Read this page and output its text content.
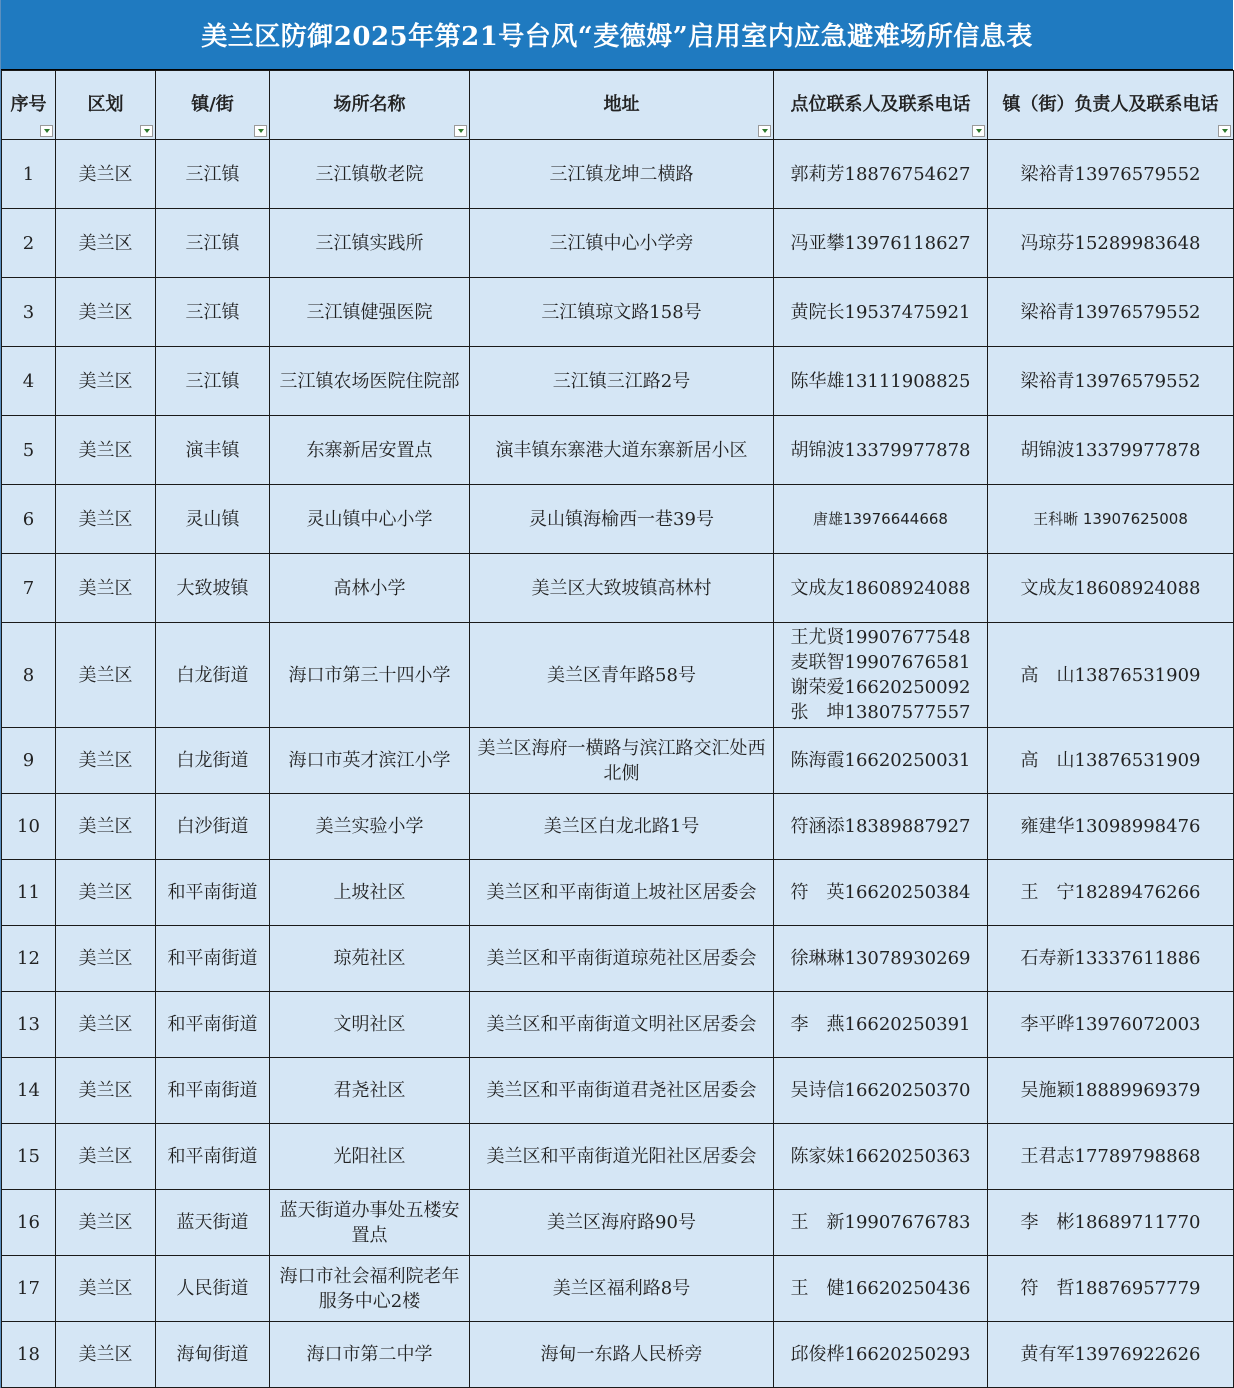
美兰区防御2025年第21号台风“麦德姆”启用室内应急避难场所信息表
序号	区划	镇/街	场所名称	地址	点位联系人及联系电话	镇（街）负责人及联系电话

1	美兰区	三江镇	三江镇敬老院	三江镇龙坤二横路	郭莉芳18876754627	梁裕青13976579552
2	美兰区	三江镇	三江镇实践所	三江镇中心小学旁	冯亚攀13976118627	冯琼芬15289983648
3	美兰区	三江镇	三江镇健强医院	三江镇琼文路158号	黄院长19537475921	梁裕青13976579552
4	美兰区	三江镇	三江镇农场医院住院部	三江镇三江路2号	陈华雄13111908825	梁裕青13976579552
5	美兰区	演丰镇	东寨新居安置点	演丰镇东寨港大道东寨新居小区	胡锦波13379977878	胡锦波13379977878
6	美兰区	灵山镇	灵山镇中心小学	灵山镇海榆西一巷39号	唐雄13976644668	王科晰 13907625008
7	美兰区	大致坡镇	高林小学	美兰区大致坡镇高林村	文成友18608924088	文成友18608924088
8	美兰区	白龙街道	海口市第三十四小学	美兰区青年路58号	王尤贤19907677548
麦联智19907676581
谢荣爱16620250092
张　坤13807577557	高　山13876531909
9	美兰区	白龙街道	海口市英才滨江小学	美兰区海府一横路与滨江路交汇处西北侧	陈海霞16620250031	高　山13876531909
10	美兰区	白沙街道	美兰实验小学	美兰区白龙北路1号	符涵添18389887927	雍建华13098998476
11	美兰区	和平南街道	上坡社区	美兰区和平南街道上坡社区居委会	符　英16620250384	王　宁18289476266
12	美兰区	和平南街道	琼苑社区	美兰区和平南街道琼苑社区居委会	徐琳琳13078930269	石寿新13337611886
13	美兰区	和平南街道	文明社区	美兰区和平南街道文明社区居委会	李　燕16620250391	李平晔13976072003
14	美兰区	和平南街道	君尧社区	美兰区和平南街道君尧社区居委会	吴诗信16620250370	吴施颖18889969379
15	美兰区	和平南街道	光阳社区	美兰区和平南街道光阳社区居委会	陈家妹16620250363	王君志17789798868
16	美兰区	蓝天街道	蓝天街道办事处五楼安置点	美兰区海府路90号	王　新19907676783	李　彬18689711770
17	美兰区	人民街道	海口市社会福利院老年服务中心2楼	美兰区福利路8号	王　健16620250436	符　哲18876957779
18	美兰区	海甸街道	海口市第二中学	海甸一东路人民桥旁	邱俊桦16620250293	黄有军13976922626
